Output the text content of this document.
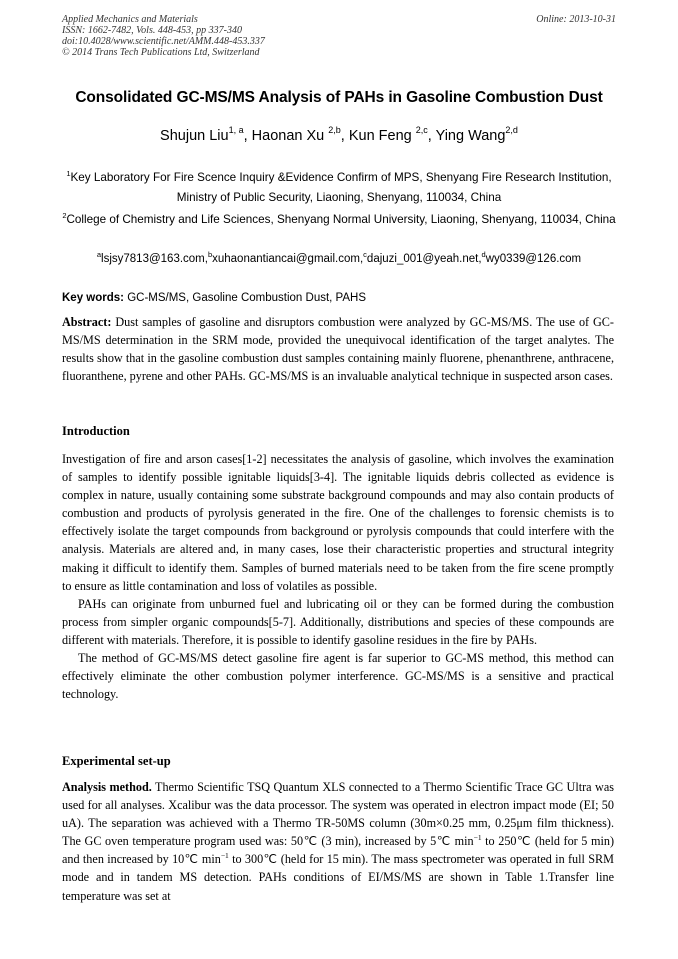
Applied Mechanics and Materials
ISSN: 1662-7482, Vols. 448-453, pp 337-340
doi:10.4028/www.scientific.net/AMM.448-453.337
© 2014 Trans Tech Publications Ltd, Switzerland
Online: 2013-10-31
Consolidated GC-MS/MS Analysis of PAHs in Gasoline Combustion Dust
Shujun Liu$^{1, a}$, Haonan Xu $^{2,b}$, Kun Feng $^{2,c}$, Ying Wang$^{2,d}$
$^1$Key Laboratory For Fire Scence Inquiry &Evidence Confirm of MPS, Shenyang Fire Research Institution, Ministry of Public Security, Liaoning, Shenyang, 110034, China
$^2$College of Chemistry and Life Sciences, Shenyang Normal University, Liaoning, Shenyang, 110034, China
$^a$lsjsy7813@163.com,$^b$xuhaonantiancai@gmail.com,$^c$dajuzi_001@yeah.net,$^d$wy0339@126.com
Key words: GC-MS/MS, Gasoline Combustion Dust, PAHS
Abstract: Dust samples of gasoline and disruptors combustion were analyzed by GC-MS/MS. The use of GC-MS/MS determination in the SRM mode, provided the unequivocal identification of the target analytes. The results show that in the gasoline combustion dust samples containing mainly fluorene, phenanthrene, anthracene, fluoranthene, pyrene and other PAHs. GC-MS/MS is an invaluable analytical technique in suspected arson cases.
Introduction
Investigation of fire and arson cases[1-2] necessitates the analysis of gasoline, which involves the examination of samples to identify possible ignitable liquids[3-4]. The ignitable liquids debris collected as evidence is complex in nature, usually containing some substrate background compounds and may also contain products of combustion and products of pyrolysis generated in the fire. One of the challenges to forensic chemists is to effectively isolate the target compounds from background or pyrolysis compounds that could interfere with the analysis. Materials are altered and, in many cases, lose their characteristic properties and structural integrity making it difficult to identify them. Samples of burned materials need to be taken from the fire scene promptly to ensure as little contamination and loss of volatiles as possible.
PAHs can originate from unburned fuel and lubricating oil or they can be formed during the combustion process from simpler organic compounds[5-7]. Additionally, distributions and species of these compounds are different with materials. Therefore, it is possible to identify gasoline residues in the fire by PAHs.
The method of GC-MS/MS detect gasoline fire agent is far superior to GC-MS method, this method can effectively eliminate the other combustion polymer interference. GC-MS/MS is a sensitive and practical technology.
Experimental set-up
Analysis method. Thermo Scientific TSQ Quantum XLS connected to a Thermo Scientific Trace GC Ultra was used for all analyses. Xcalibur was the data processor. The system was operated in electron impact mode (EI; 50 uA). The separation was achieved with a Thermo TR-50MS column (30m×0.25 mm, 0.25μm film thickness). The GC oven temperature program used was: 50℃ (3 min), increased by 5℃ $\min^{-1}$ to 250℃ (held for 5 min) and then increased by 10℃ $\min^{-1}$ to 300℃ (held for 15 min). The mass spectrometer was operated in full SRM mode and in tandem MS detection. PAHs conditions of EI/MS/MS are shown in Table 1.Transfer line temperature was set at
